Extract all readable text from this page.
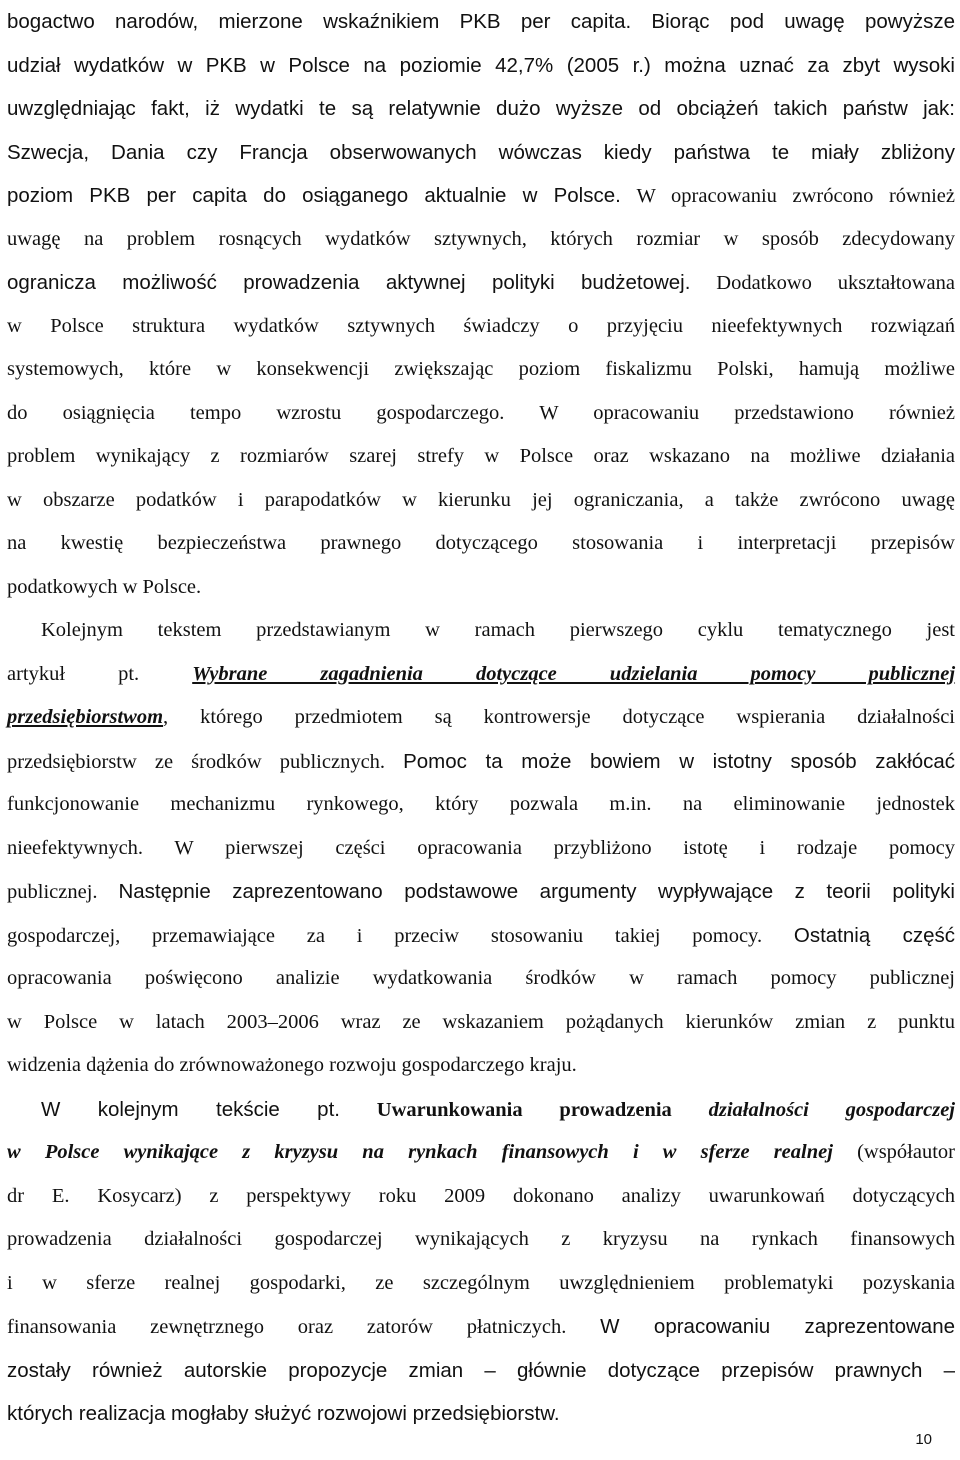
bogactwo narodów, mierzone wskaźnikiem PKB per capita. Biorąc pod uwagę powyższe
udział wydatków w PKB w Polsce na poziomie 42,7% (2005 r.) można uznać za zbyt wysoki
uwzględniając fakt, iż wydatki te są relatywnie dużo wyższe od obciążeń takich państw jak:
Szwecja, Dania czy Francja obserwowanych wówczas kiedy państwa te miały zbliżony
poziom PKB per capita do osiąganego aktualnie w Polsce. W opracowaniu zwrócono również
uwagę na problem rosnących wydatków sztywnych, których rozmiar w sposób zdecydowany
ogranicza możliwość prowadzenia aktywnej polityki budżetowej. Dodatkowo ukształtowana
w Polsce struktura wydatków sztywnych świadczy o przyjęciu nieefektywnych rozwiązań
systemowych, które w konsekwencji zwiększając poziom fiskalizmu Polski, hamują możliwe
do osiągnięcia tempo wzrostu gospodarczego. W opracowaniu przedstawiono również
problem wynikający z rozmiarów szarej strefy w Polsce oraz wskazano na możliwe działania
w obszarze podatków i parapodatków w kierunku jej ograniczania, a także zwrócono uwagę
na kwestię bezpieczeństwa prawnego dotyczącego stosowania i interpretacji przepisów
podatkowych w Polsce.
Kolejnym tekstem przedstawianym w ramach pierwszego cyklu tematycznego jest
artykuł pt.	Wybrane zagadnienia dotyczące udzielania pomocy publicznej
przedsiębiorstwom, którego przedmiotem są kontrowersje dotyczące wspierania działalności
przedsiębiorstw ze środków publicznych. Pomoc ta może bowiem w istotny sposób zakłócać
funkcjonowanie mechanizmu rynkowego, który pozwala m.in. na eliminowanie jednostek
nieefektywnych. W pierwszej części opracowania przybliżono istotę i rodzaje pomocy
publicznej. Następnie zaprezentowano podstawowe argumenty wypływające z teorii polityki
gospodarczej, przemawiające za i przeciw stosowaniu takiej pomocy. Ostatnią część
opracowania poświęcono analizie wydatkowania środków w ramach pomocy publicznej
w Polsce w latach 2003–2006 wraz ze wskazaniem pożądanych kierunków zmian z punktu
widzenia dążenia do zrównoważonego rozwoju gospodarczego kraju.
W kolejnym tekście pt. Uwarunkowania prowadzenia działalności gospodarczej
w Polsce wynikające z kryzysu na rynkach finansowych i w sferze realnej (współautor
dr E. Kosycarz) z perspektywy roku 2009 dokonano analizy uwarunkowań dotyczących
prowadzenia działalności gospodarczej wynikających z kryzysu na rynkach finansowych
i w sferze realnej gospodarki, ze szczególnym uwzględnieniem problematyki pozyskania
finansowania zewnętrznego oraz zatorów płatniczych. W opracowaniu zaprezentowane
zostały również autorskie propozycje zmian – głównie dotyczące przepisów prawnych –
których realizacja mogłaby służyć rozwojowi przedsiębiorstw.
10
